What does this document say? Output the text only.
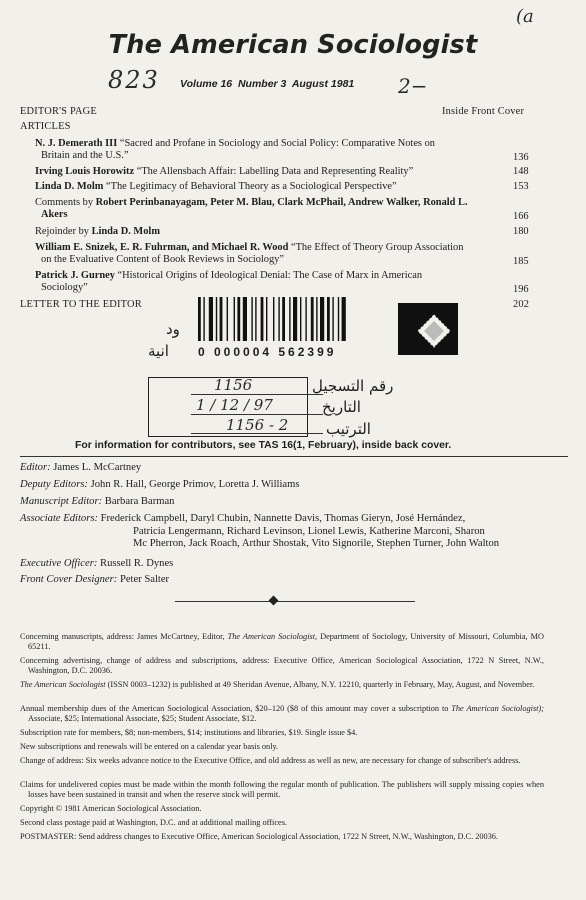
(a
823	2−
The American Sociologist
Volume 16  Number 3  August 1981
EDITOR'S PAGE	Inside Front Cover
ARTICLES
N. J. Demerath III “Sacred and Profane in Sociology and Social Policy: Comparative Notes on
Britain and the U.S.”	136
Irving Louis Horowitz “The Allensbach Affair: Labelling Data and Representing Reality”	148
Linda D. Molm “The Legitimacy of Behavioral Theory as a Sociological Perspective”	153
Comments by Robert Perinbanayagam, Peter M. Blau, Clark McPhail, Andrew Walker, Ronald L.
Akers	166
Rejoinder by Linda D. Molm	180
William E. Snizek, E. R. Fuhrman, and Michael R. Wood “The Effect of Theory Group Association
on the Evaluative Content of Book Reviews in Sociology”	185
Patrick J. Gurney “Historical Origins of Ideological Denial: The Case of Marx in American
Sociology”	196
LETTER TO THE EDITOR	202
ود
انية 0 000004 562399
1156
1 / 12 / 97
1156 - 2
رقم التسجيل
التاريخ
الترتيب
For information for contributors, see TAS 16(1, February), inside back cover.
Editor: James L. McCartney
Deputy Editors: John R. Hall, George Primov, Loretta J. Williams
Manuscript Editor: Barbara Barman
Associate Editors: Frederick Campbell, Daryl Chubin, Nannette Davis, Thomas Gieryn, José Hernández,
Patricia Lengermann, Richard Levinson, Lionel Lewis, Katherine Marconi, Sharon
Mc Pherron, Jack Roach, Arthur Shostak, Vito Signorile, Stephen Turner, John Walton
Executive Officer: Russell R. Dynes
Front Cover Designer: Peter Salter
Concerning manuscripts, address: James McCartney, Editor, The American Sociologist, Department of Sociology, University of Missouri, Columbia, MO 65211.
Concerning advertising, change of address and subscriptions, address: Executive Office, American Sociological Association, 1722 N Street, N.W., Washington, D.C. 20036.
The American Sociologist (ISSN 0003–1232) is published at 49 Sheridan Avenue, Albany, N.Y. 12210, quarterly in February, May, August, and November.
Annual membership dues of the American Sociological Association, $20–120 ($8 of this amount may cover a subscription to The American Sociologist); Associate, $25; International Associate, $25; Student Associate, $12.
Subscription rate for members, $8; non-members, $14; institutions and libraries, $19. Single issue $4.
New subscriptions and renewals will be entered on a calendar year basis only.
Change of address: Six weeks advance notice to the Executive Office, and old address as well as new, are necessary for change of subscriber's address.
Claims for undelivered copies must be made within the month following the regular month of publication. The publishers will supply missing copies when losses have been sustained in transit and when the reserve stock will permit.
Copyright © 1981 American Sociological Association.
Second class postage paid at Washington, D.C. and at additional mailing offices.
POSTMASTER: Send address changes to Executive Office, American Sociological Association, 1722 N Street, N.W., Washington, D.C. 20036.
